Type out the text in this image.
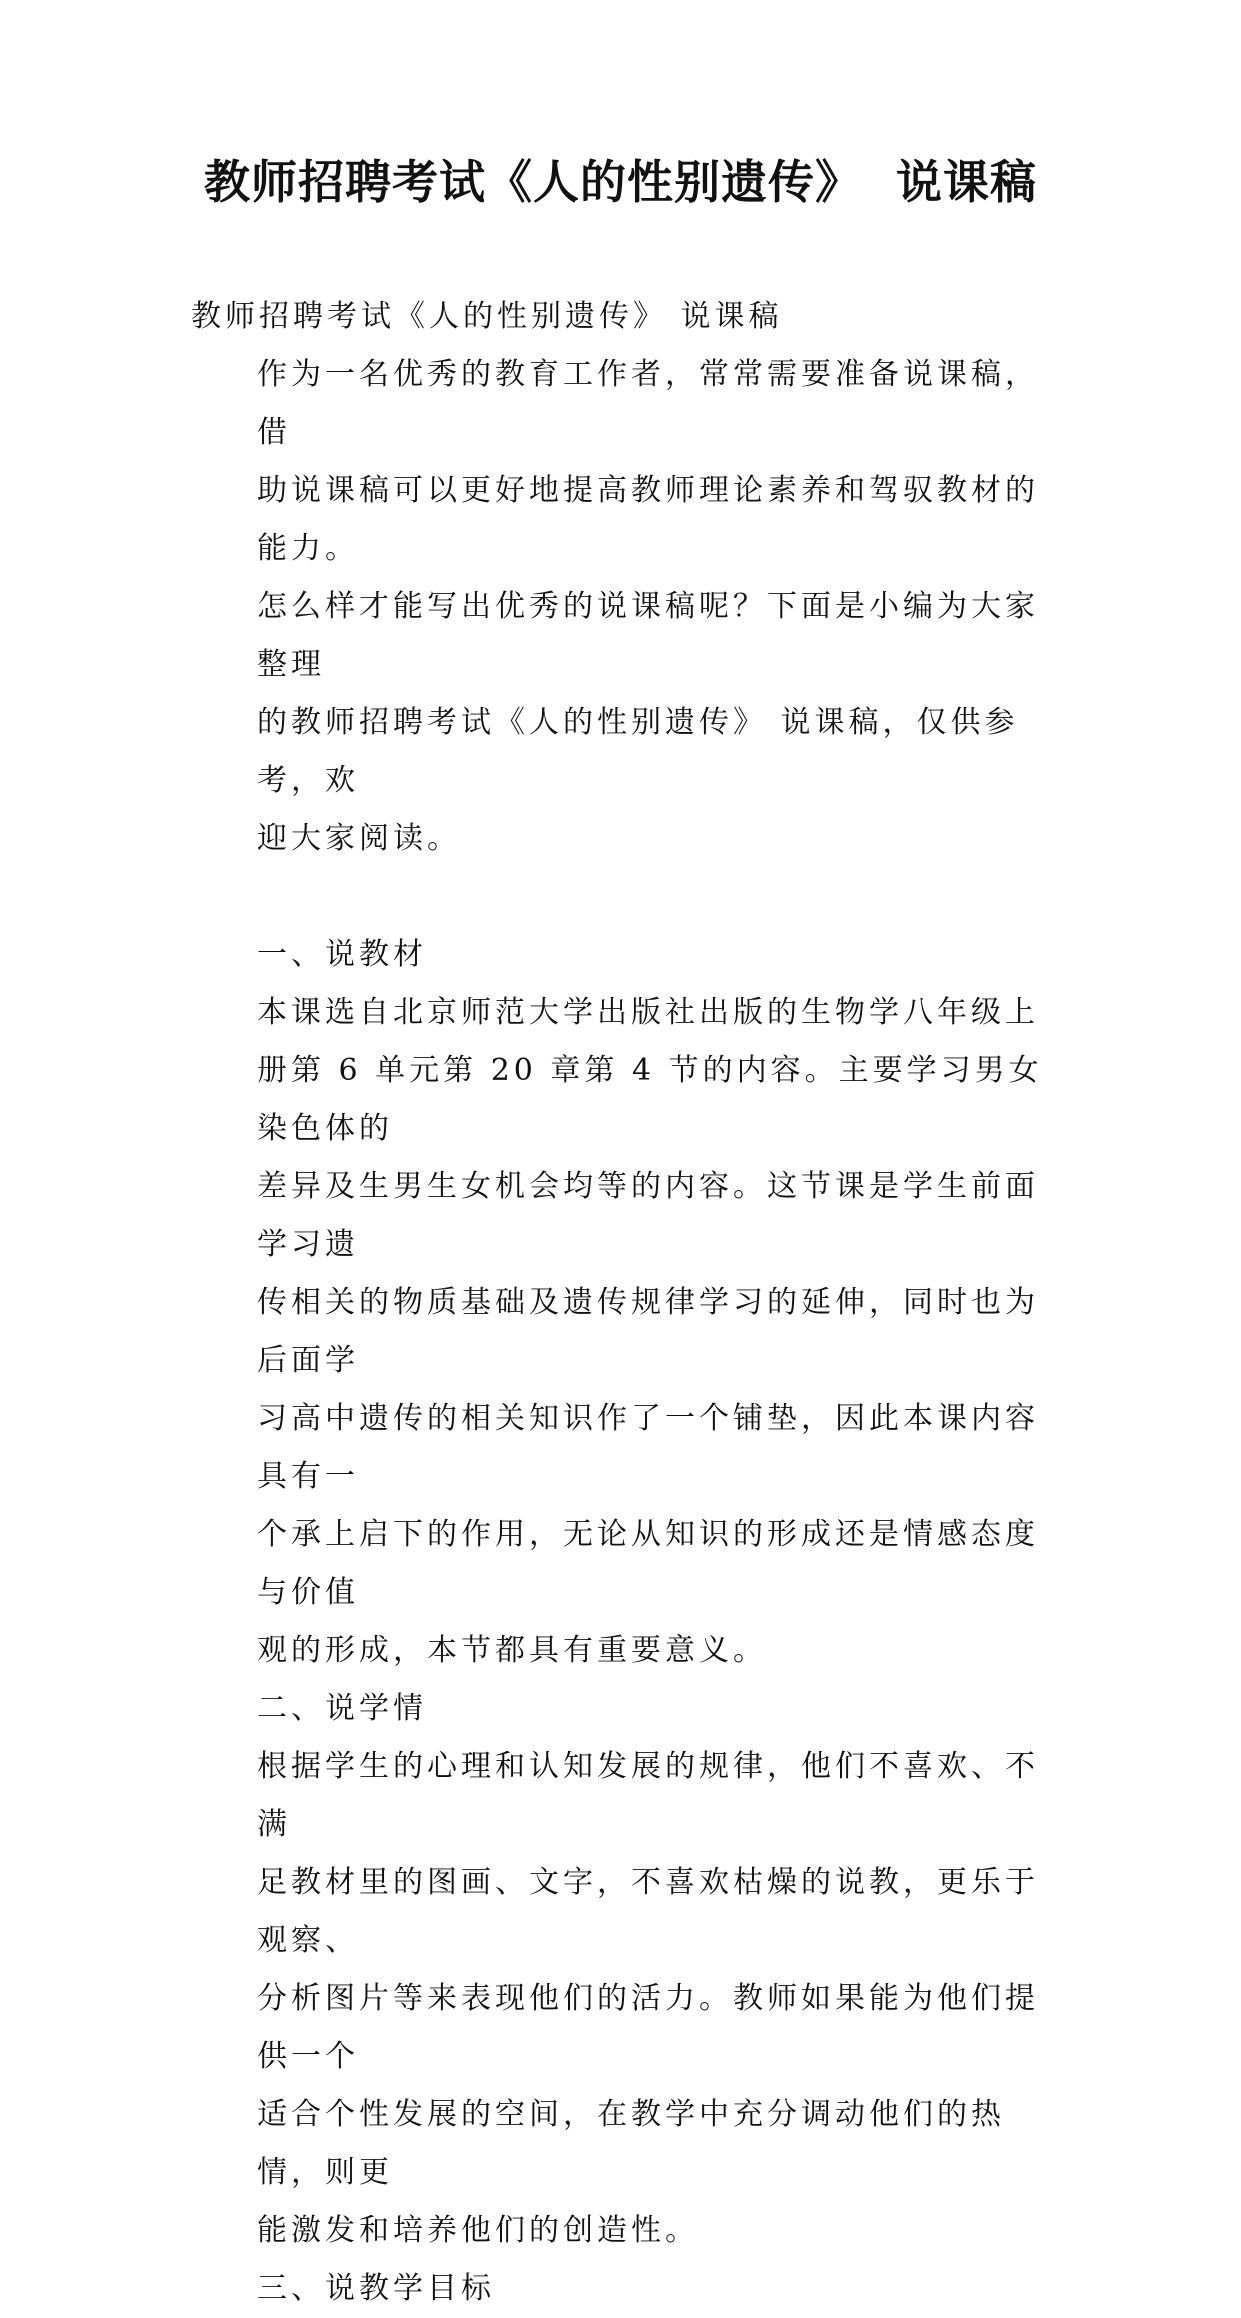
教师招聘考试《人的性别遗传》  说课稿

教师招聘考试《人的性别遗传》 说课稿

作为一名优秀的教育工作者，常常需要准备说课稿，借
助说课稿可以更好地提高教师理论素养和驾驭教材的能力。
怎么样才能写出优秀的说课稿呢？下面是小编为大家整理
的教师招聘考试《人的性别遗传》 说课稿，仅供参考，欢
迎大家阅读。

一、说教材

本课选自北京师范大学出版社出版的生物学八年级上
册第 6 单元第 20 章第 4 节的内容。主要学习男女染色体的
差异及生男生女机会均等的内容。这节课是学生前面学习遗
传相关的物质基础及遗传规律学习的延伸，同时也为后面学
习高中遗传的相关知识作了一个铺垫，因此本课内容具有一
个承上启下的作用，无论从知识的形成还是情感态度与价值
观的形成，本节都具有重要意义。

二、说学情

根据学生的心理和认知发展的规律，他们不喜欢、不满
足教材里的图画、文字，不喜欢枯燥的说教，更乐于观察、
分析图片等来表现他们的活力。教师如果能为他们提供一个
适合个性发展的空间，在教学中充分调动他们的热情，则更
能激发和培养他们的创造性。

三、说教学目标
